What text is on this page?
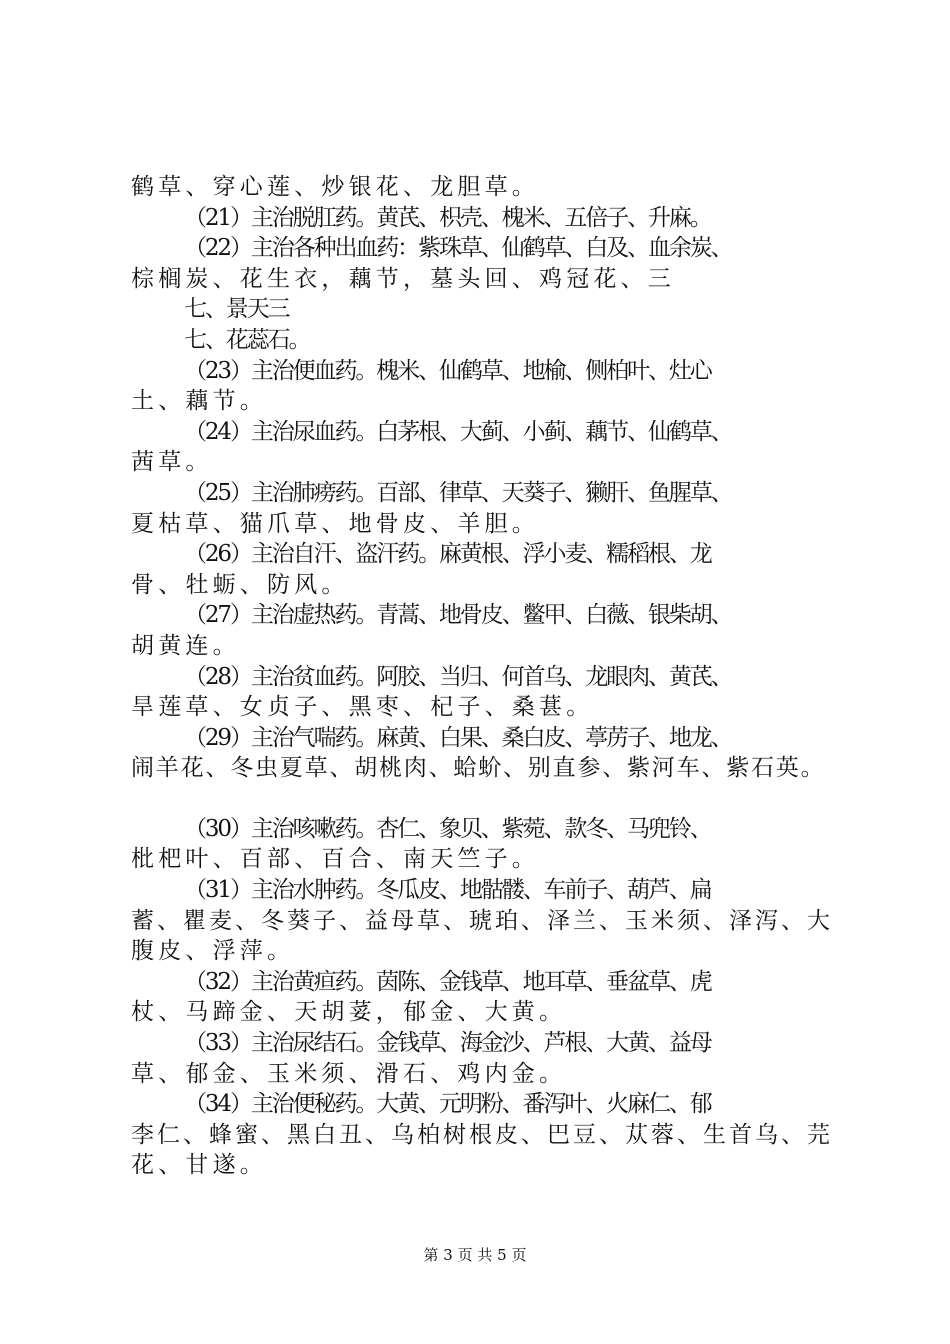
鹤草、穿心莲、炒银花、龙胆草。
（21）主治脱肛药。黄芪、枳壳、槐米、五倍子、升麻。
（22）主治各种出血药：紫珠草、仙鹤草、白及、血余炭、
棕榈炭、花生衣，藕节，墓头回、鸡冠花、三
七、景天三
七、花蕊石。
（23）主治便血药。槐米、仙鹤草、地榆、侧柏叶、灶心
土、藕节。
（24）主治尿血药。白茅根、大蓟、小蓟、藕节、仙鹤草、
茜草。
（25）主治肺痨药。百部、律草、天葵子、獭肝、鱼腥草、
夏枯草、猫爪草、地骨皮、羊胆。
（26）主治自汗、盗汗药。麻黄根、浮小麦、糯稻根、龙
骨、牡蛎、防风。
（27）主治虚热药。青蒿、地骨皮、鳖甲、白薇、银柴胡、
胡黄连。
（28）主治贫血药。阿胶、当归、何首乌、龙眼肉、黄芪、
旱莲草、女贞子、黑枣、杞子、桑葚。
（29）主治气喘药。麻黄、白果、桑白皮、葶苈子、地龙、
闹羊花、冬虫夏草、胡桃肉、蛤蚧、别直参、紫河车、紫石英。
（30）主治咳嗽药。杏仁、象贝、紫菀、款冬、马兜铃、
枇杷叶、百部、百合、南天竺子。
（31）主治水肿药。冬瓜皮、地骷髅、车前子、葫芦、扁
蓄、瞿麦、冬葵子、益母草、琥珀、泽兰、玉米须、泽泻、大
腹皮、浮萍。
（32）主治黄疸药。茵陈、金钱草、地耳草、垂盆草、虎
杖、马蹄金、天胡荽，郁金、大黄。
（33）主治尿结石。金钱草、海金沙、芦根、大黄、益母
草、郁金、玉米须、滑石、鸡内金。
（34）主治便秘药。大黄、元明粉、番泻叶、火麻仁、郁
李仁、蜂蜜、黑白丑、乌柏树根皮、巴豆、苁蓉、生首乌、芫
花、甘遂。
第 3 页 共 5 页
